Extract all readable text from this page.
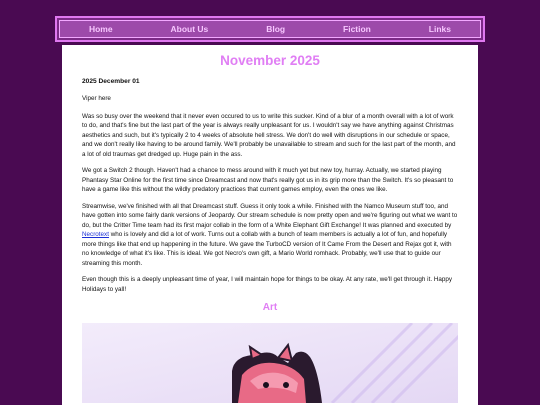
Home	About Us	Blog	Fiction	Links
November 2025
2025 December 01

Viper here

Was so busy over the weekend that it never even occured to us to write this sucker. Kind of a blur of a month overall with a lot of work to do, and that's fine but the last part of the year is always really unpleasant for us. I wouldn't say we have anything against Christmas aesthetics and such, but it's typically 2 to 4 weeks of absolute hell stress. We don't do well with disruptions in our schedule or space, and we don't really like having to be around family. We'll probably be unavailable to stream and such for the last part of the month, and a lot of old traumas get dredged up. Huge pain in the ass.

We got a Switch 2 though. Haven't had a chance to mess around with it much yet but new toy, hurray. Actually, we started playing Phantasy Star Online for the first time since Dreamcast and now that's really got us in its grip more than the Switch. It's so pleasant to have a game like this without the wildly predatory practices that current games employ, even the ones we like.

Streamwise, we've finished with all that Dreamcast stuff. Guess it only took a while. Finished with the Namco Museum stuff too, and have gotten into some fairly dank versions of Jeopardy. Our stream schedule is now pretty open and we're figuring out what we want to do, but the Critter Time team had its first major collab in the form of a White Elephant Gift Exchange! It was planned and executed by Necrotext who is lovely and did a lot of work. Turns out a collab with a bunch of team members is actually a lot of fun, and hopefully more things like that end up happening in the future. We gave the TurboCD version of It Came From the Desert and Rejax got it, with no knowledge of what it's like. This is ideal. We got Necro's own gift, a Mario World romhack. Probably, we'll use that to guide our streaming this month.

Even though this is a deeply unpleasant time of year, I will maintain hope for things to be okay. At any rate, we'll get through it. Happy Holidays to yall!

Art
